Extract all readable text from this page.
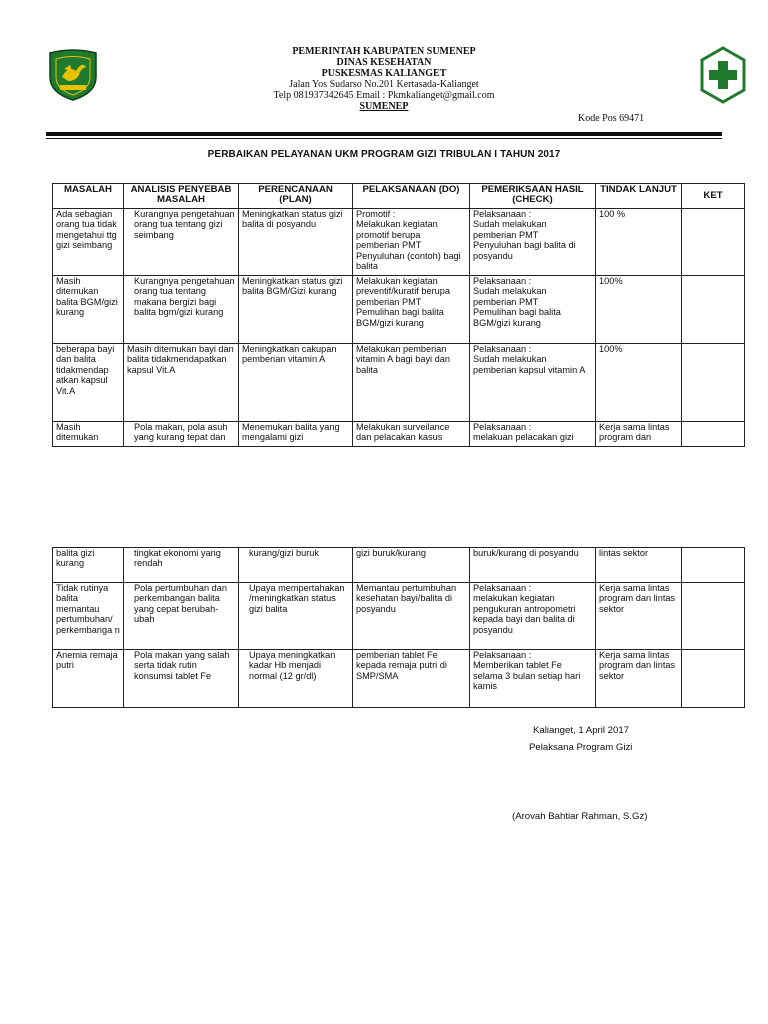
PEMERINTAH KABUPATEN SUMENEP
DINAS KESEHATAN
PUSKESMAS KALIANGET
Jalan Yos Sudarso No.201 Kertasada-Kalianget
Telp 081937342645 Email : Pkmkalianget@gmail.com
SUMENEP
Kode Pos 69471
PERBAIKAN PELAYANAN UKM PROGRAM GIZI TRIBULAN I TAHUN 2017
MASALAH	ANALISIS PENYEBAB MASALAH	PERENCANAAN (PLAN)	PELAKSANAAN (DO)	PEMERIKSAAN HASIL (CHECK)	TINDAK LANJUT	KET
Ada sebagian orang tua tidak mengetahui ttg gizi seimbang	Kurangnya pengetahuan orang tua tentang gizi seimbang	Meningkatkan status gizi balita di posyandu	Promotif :
Melakukan kegiatan promotif berupa pemberian PMT
Penyuluhan (contoh) bagi balita	Pelaksanaan :
Sudah melakukan pemberian PMT
Penyuluhan bagi balita di posyandu	100 %	
Masih ditemukan balita BGM/gizi kurang	Kurangnya pengetahuan orang tua tentang makana bergizi bagi balita bgm/gizi kurang	Meningkatkan status gizi balita BGM/Gizi kurang	Melakukan kegiatan preventif/kuratif berupa pemberian PMT
Pemulihan bagi balita BGM/gizi kurang	Pelaksanaan :
Sudah melakukan pemberian PMT
Pemulihan bagi balita BGM/gizi kurang	100%	
beberapa bayi dan balita tidakmendap atkan kapsul Vit.A	Masih ditemukan bayi dan balita tidakmendapatkan kapsul Vit.A	Meningkatkan cakupan pemberian vitamin A	Melakukan pemberian vitamin A bagi bayi dan balita	Pelaksanaan :
Sudah melakukan pemberian kapsul vitamin A	100%	
Masih ditemukan	Pola makan, pola asuh yang kurang tepat dan	Menemukan balita yang mengalami gizi	Melakukan surveilance dan pelacakan kasus	Pelaksanaan :
melakuan pelacakan gizi	Kerja sama lintas program dan	
balita gizi kurang	tingkat ekonomi yang rendah	kurang/gizi buruk	gizi buruk/kurang	buruk/kurang di posyandu	lintas sektor	
Tidak rutinya balita memantau pertumbuhan/ perkembanga n	Pola pertumbuhan dan perkembangan balita yang cepat berubah-ubah	Upaya mempertahakan /meningkatkan status gizi balita	Memantau pertumbuhan kesehatan bayi/balita di posyandu	Pelaksanaan :
melakukan kegiatan pengukuran antropometri kepada bayi dan balita di posyandu	Kerja sama lintas program dan lintas sektor	
Anemia remaja putri	Pola makan yang salah serta tidak rutin konsumsi tablet Fe	Upaya meningkatkan kadar Hb menjadi normal (12 gr/dl)	pemberian tablet Fe kepada remaja putri di SMP/SMA	Pelaksanaan :
Memberikan tablet Fe selama 3 bulan setiap hari kamis	Kerja sama lintas program dan lintas sektor	
Kalianget, 1 April 2017
Pelaksana Program Gizi
(Arovah Bahtiar Rahman, S.Gz)
